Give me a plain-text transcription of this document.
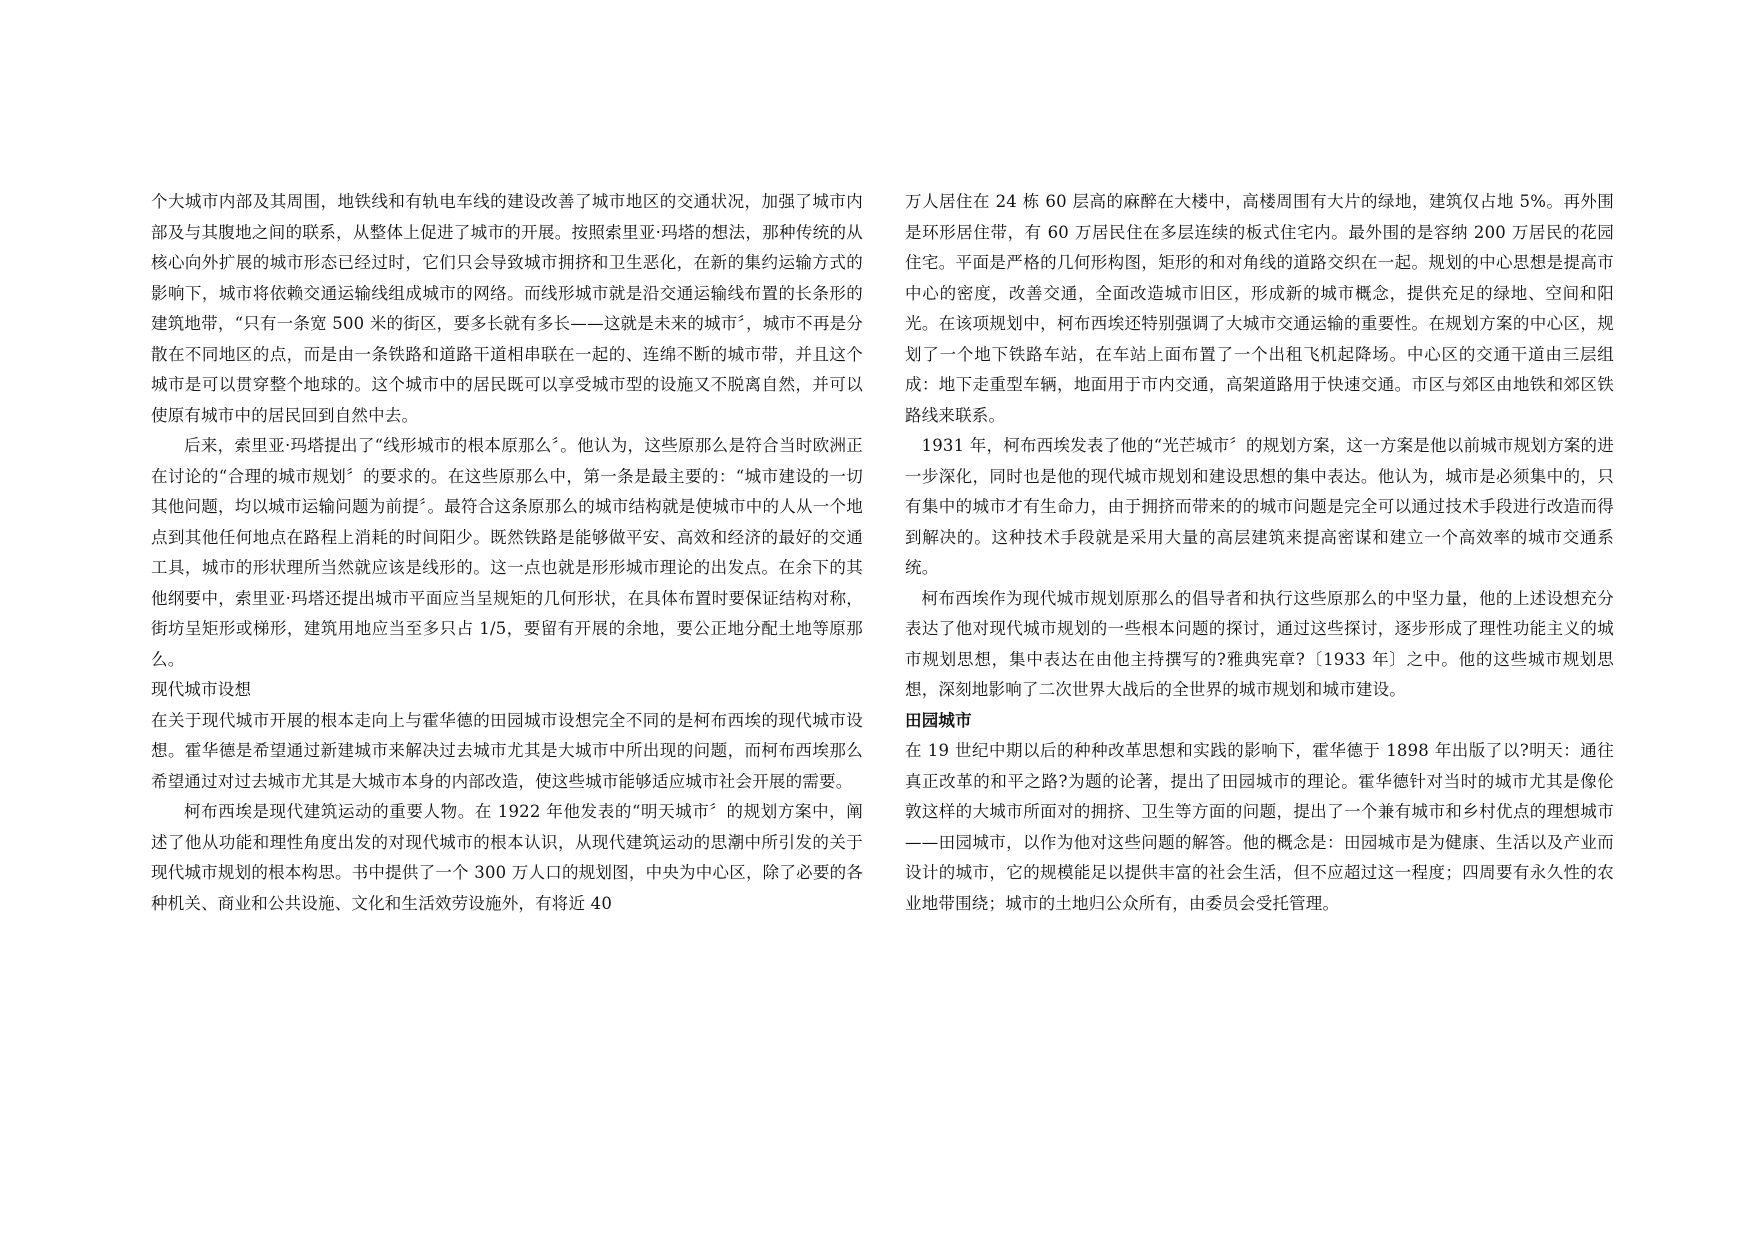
个大城市内部及其周围，地铁线和有轨电车线的建设改善了城市地区的交通状况，加强了城市内部及与其腹地之间的联系，从整体上促进了城市的开展。按照索里亚·玛塔的想法，那种传统的从核心向外扩展的城市形态已经过时，它们只会导致城市拥挤和卫生恶化，在新的集约运输方式的影响下，城市将依赖交通运输线组成城市的网络。而线形城市就是沿交通运输线布置的长条形的建筑地带，“只有一条宽 500 米的街区，要多长就有多长——这就是未来的城市〞，城市不再是分散在不同地区的点，而是由一条铁路和道路干道相串联在一起的、连绵不断的城市带，并且这个城市是可以贯穿整个地球的。这个城市中的居民既可以享受城市型的设施又不脱离自然，并可以使原有城市中的居民回到自然中去。

后来，索里亚·玛塔提出了“线形城市的根本原那么〞。他认为，这些原那么是符合当时欧洲正在讨论的“合理的城市规划〞的要求的。在这些原那么中，第一条是最主要的：“城市建设的一切其他问题，均以城市运输问题为前提〞。最符合这条原那么的城市结构就是使城市中的人从一个地点到其他任何地点在路程上消耗的时间阳少。既然铁路是能够做平安、高效和经济的最好的交通工具，城市的形状理所当然就应该是线形的。这一点也就是形形城市理论的出发点。在余下的其他纲要中，索里亚·玛塔还提出城市平面应当呈规矩的几何形状，在具体布置时要保证结构对称，街坊呈矩形或梯形，建筑用地应当至多只占 1/5，要留有开展的余地，要公正地分配土地等原那么。

现代城市设想

在关于现代城市开展的根本走向上与霍华德的田园城市设想完全不同的是柯布西埃的现代城市设想。霍华德是希望通过新建城市来解决过去城市尤其是大城市中所出现的问题，而柯布西埃那么希望通过对过去城市尤其是大城市本身的内部改造，使这些城市能够适应城市社会开展的需要。

柯布西埃是现代建筑运动的重要人物。在 1922 年他发表的“明天城市〞的规划方案中，阐述了他从功能和理性角度出发的对现代城市的根本认识，从现代建筑运动的思潮中所引发的关于现代城市规划的根本构思。书中提供了一个 300 万人口的规划图，中央为中心区，除了必要的各种机关、商业和公共设施、文化和生活效劳设施外，有将近 40

万人居住在 24 栋 60 层高的麻醉在大楼中，高楼周围有大片的绿地，建筑仅占地 5%。再外围是环形居住带，有 60 万居民住在多层连续的板式住宅内。最外围的是容纳 200 万居民的花园住宅。平面是严格的几何形构图，矩形的和对角线的道路交织在一起。规划的中心思想是提高市中心的密度，改善交通，全面改造城市旧区，形成新的城市概念，提供充足的绿地、空间和阳光。在该项规划中，柯布西埃还特别强调了大城市交通运输的重要性。在规划方案的中心区，规划了一个地下铁路车站，在车站上面布置了一个出租飞机起降场。中心区的交通干道由三层组成：地下走重型车辆，地面用于市内交通，高架道路用于快速交通。市区与郊区由地铁和郊区铁路线来联系。

1931 年，柯布西埃发表了他的“光芒城市〞的规划方案，这一方案是他以前城市规划方案的进一步深化，同时也是他的现代城市规划和建设思想的集中表达。他认为，城市是必须集中的，只有集中的城市才有生命力，由于拥挤而带来的的城市问题是完全可以通过技术手段进行改造而得到解决的。这种技术手段就是采用大量的高层建筑来提高密谋和建立一个高效率的城市交通系统。

柯布西埃作为现代城市规划原那么的倡导者和执行这些原那么的中坚力量，他的上述设想充分表达了他对现代城市规划的一些根本问题的探讨，通过这些探讨，逐步形成了理性功能主义的城市规划思想，集中表达在由他主持撰写的?雅典宪章?〔1933 年〕之中。他的这些城市规划思想，深刻地影响了二次世界大战后的全世界的城市规划和城市建设。

田园城市

在 19 世纪中期以后的种种改革思想和实践的影响下，霍华德于 1898 年出版了以?明天：通往真正改革的和平之路?为题的论著，提出了田园城市的理论。霍华德针对当时的城市尤其是像伦敦这样的大城市所面对的拥挤、卫生等方面的问题，提出了一个兼有城市和乡村优点的理想城市——田园城市，以作为他对这些问题的解答。他的概念是：田园城市是为健康、生活以及产业而设计的城市，它的规模能足以提供丰富的社会生活，但不应超过这一程度；四周要有永久性的农业地带围绕；城市的土地归公众所有，由委员会受托管理。
